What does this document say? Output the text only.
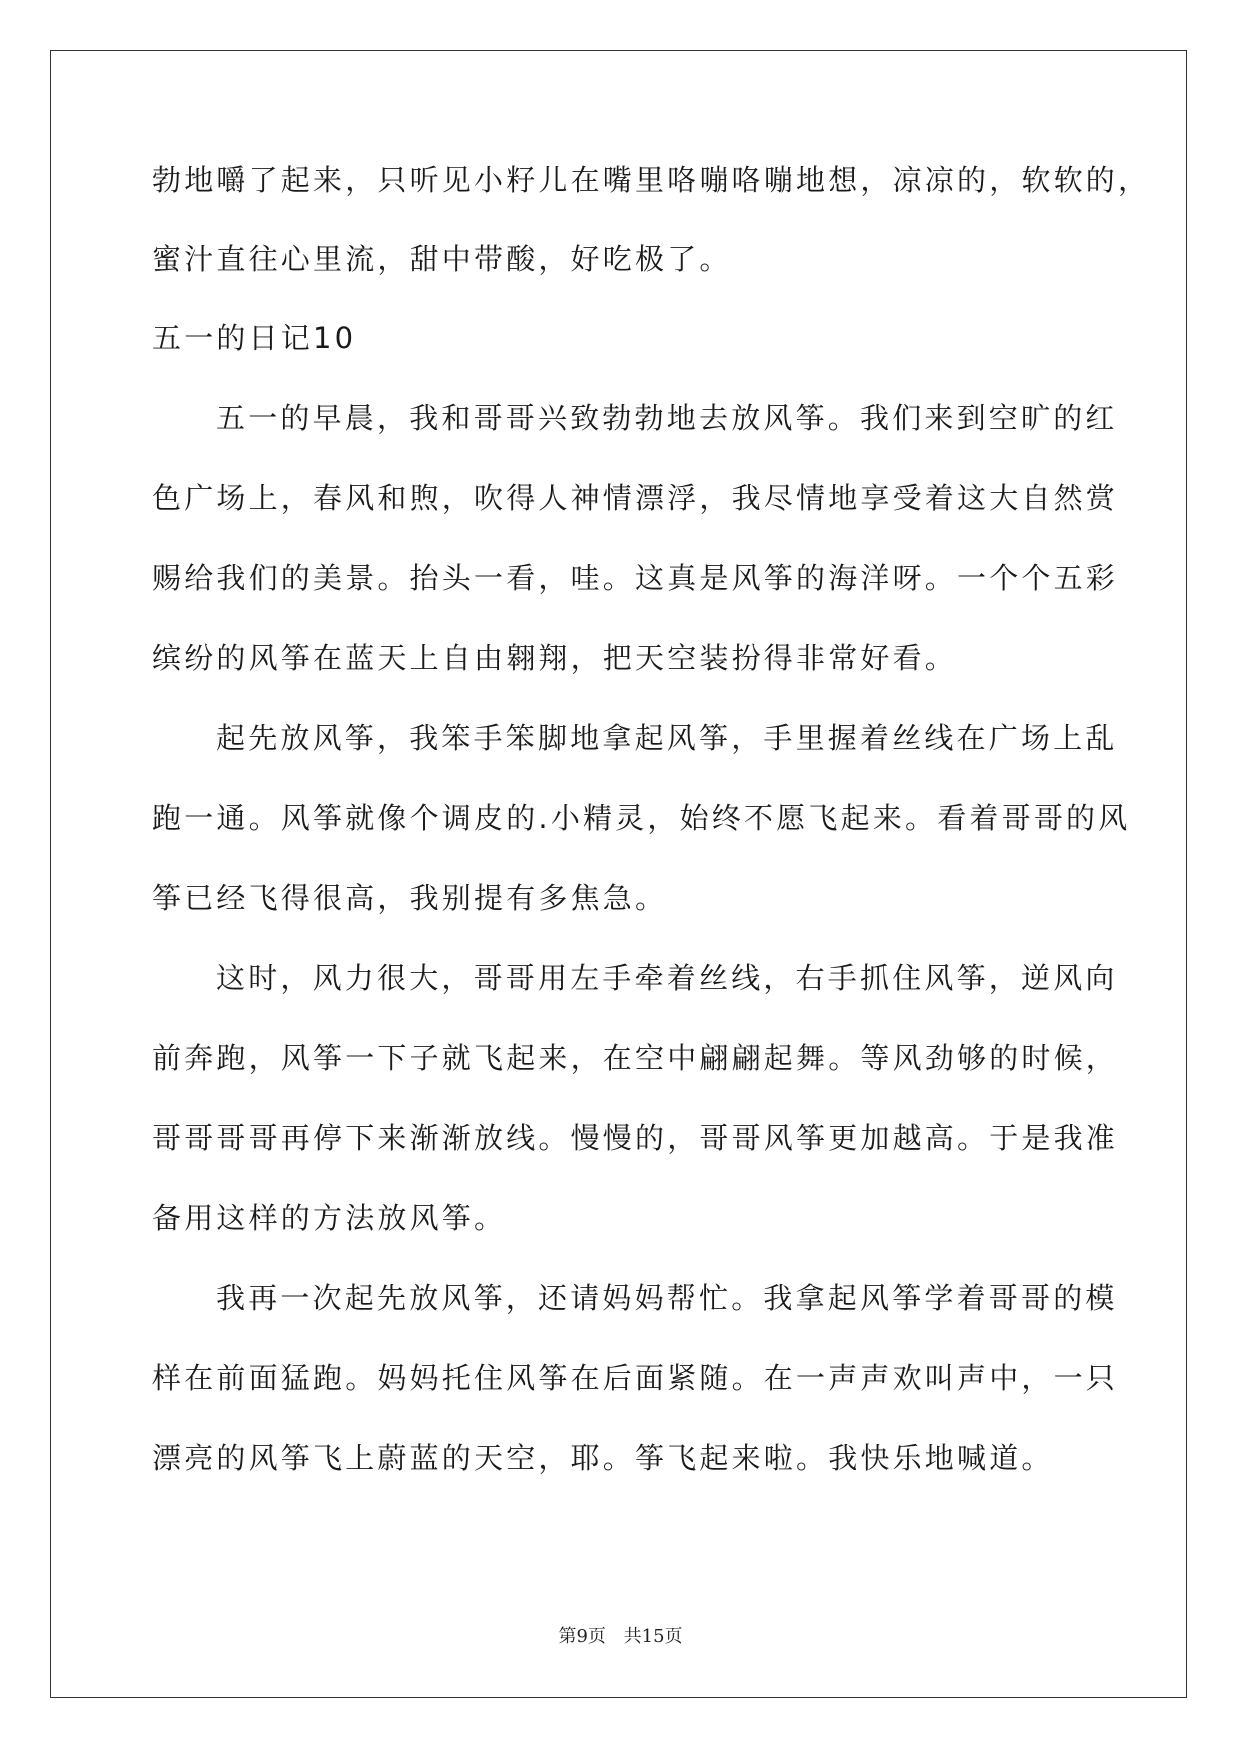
勃地嚼了起来，只听见小籽儿在嘴里咯嘣咯嘣地想，凉凉的，软软的，

蜜汁直往心里流，甜中带酸，好吃极了。

五一的日记10

五一的早晨，我和哥哥兴致勃勃地去放风筝。我们来到空旷的红

色广场上，春风和煦，吹得人神情漂浮，我尽情地享受着这大自然赏

赐给我们的美景。抬头一看，哇。这真是风筝的海洋呀。一个个五彩

缤纷的风筝在蓝天上自由翱翔，把天空装扮得非常好看。

起先放风筝，我笨手笨脚地拿起风筝，手里握着丝线在广场上乱

跑一通。风筝就像个调皮的.小精灵，始终不愿飞起来。看着哥哥的风

筝已经飞得很高，我别提有多焦急。

这时，风力很大，哥哥用左手牵着丝线，右手抓住风筝，逆风向

前奔跑，风筝一下子就飞起来，在空中翩翩起舞。等风劲够的时候，

哥哥哥哥再停下来渐渐放线。慢慢的，哥哥风筝更加越高。于是我准

备用这样的方法放风筝。

我再一次起先放风筝，还请妈妈帮忙。我拿起风筝学着哥哥的模

样在前面猛跑。妈妈托住风筝在后面紧随。在一声声欢叫声中，一只

漂亮的风筝飞上蔚蓝的天空，耶。筝飞起来啦。我快乐地喊道。

第9页 共15页
